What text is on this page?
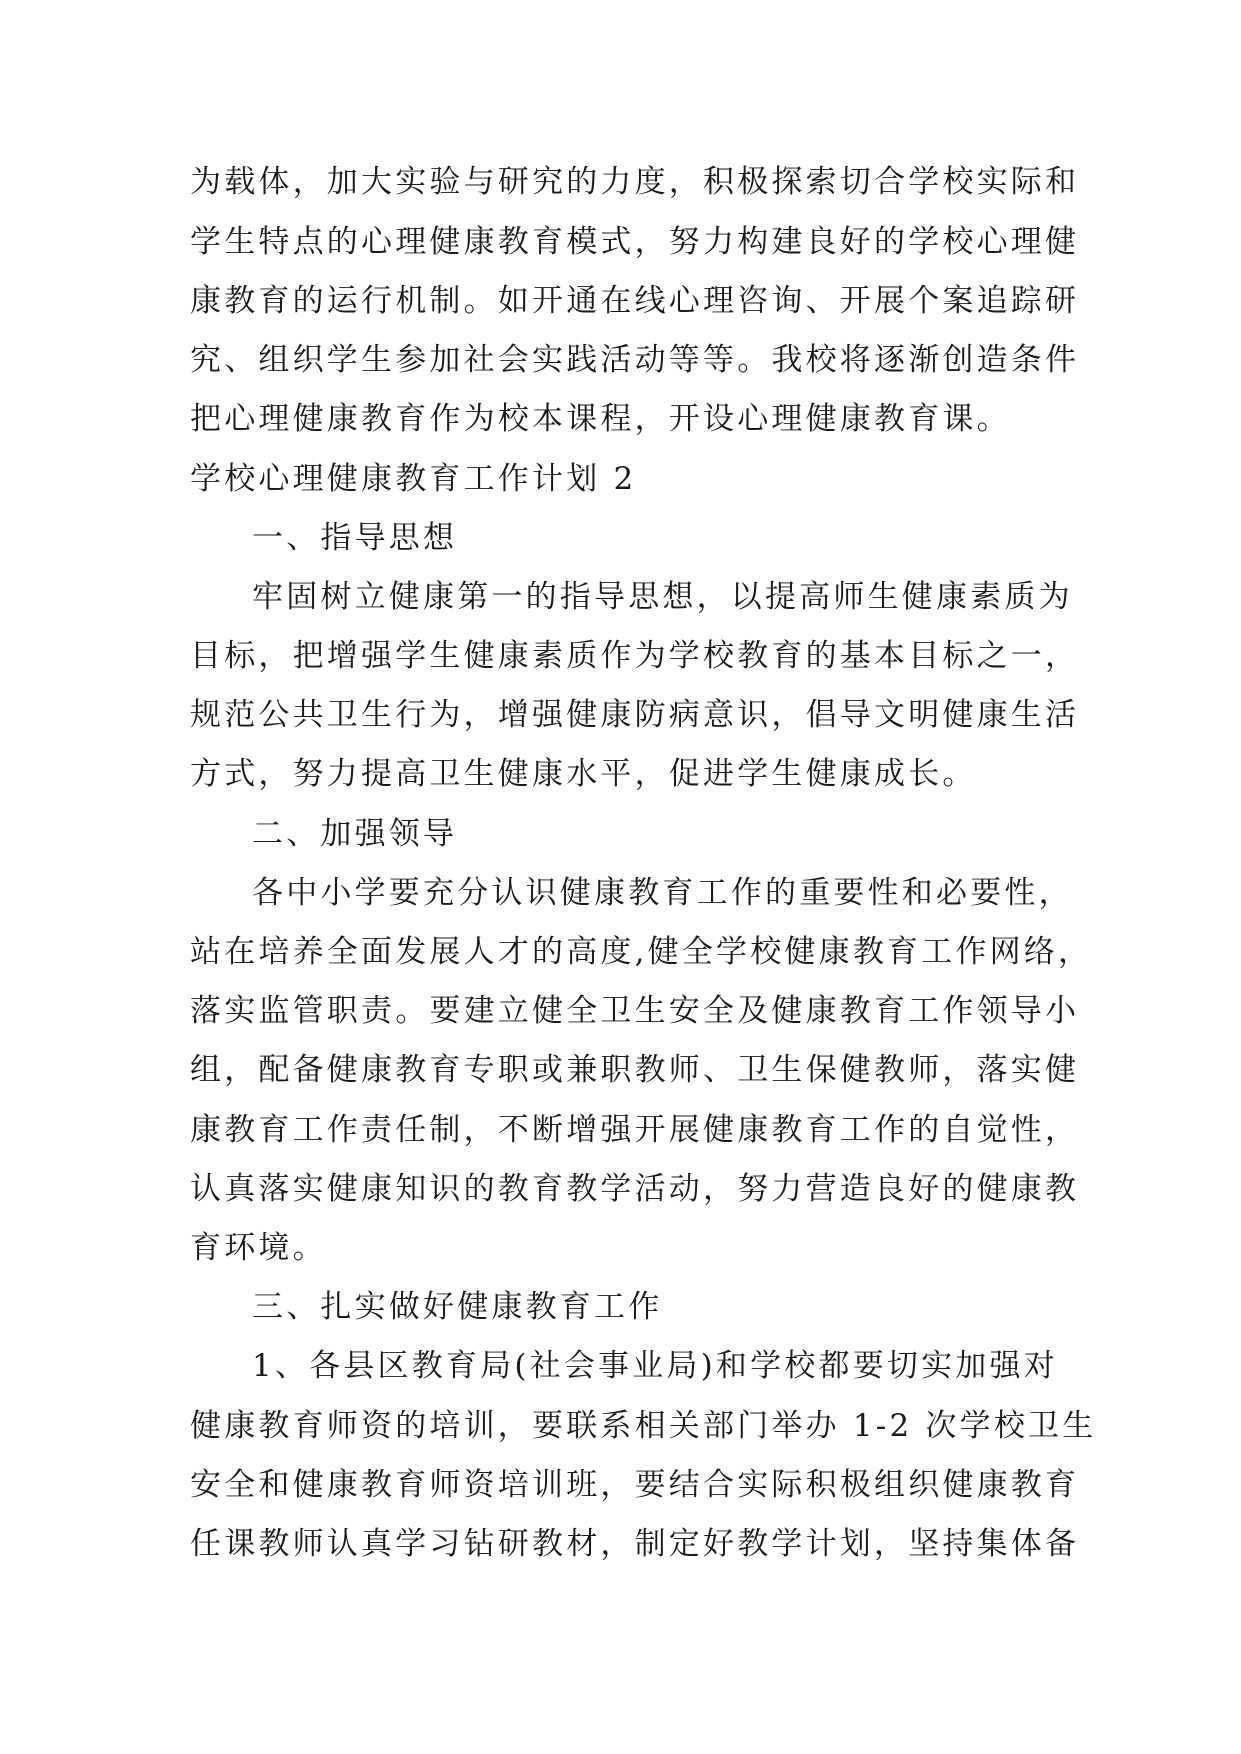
为载体，加大实验与研究的力度，积极探索切合学校实际和
学生特点的心理健康教育模式，努力构建良好的学校心理健
康教育的运行机制。如开通在线心理咨询、开展个案追踪研
究、组织学生参加社会实践活动等等。我校将逐渐创造条件
把心理健康教育作为校本课程，开设心理健康教育课。
学校心理健康教育工作计划 2
一、指导思想
牢固树立健康第一的指导思想，以提高师生健康素质为
目标，把增强学生健康素质作为学校教育的基本目标之一，
规范公共卫生行为，增强健康防病意识，倡导文明健康生活
方式，努力提高卫生健康水平，促进学生健康成长。
二、加强领导
各中小学要充分认识健康教育工作的重要性和必要性，
站在培养全面发展人才的高度,健全学校健康教育工作网络，
落实监管职责。要建立健全卫生安全及健康教育工作领导小
组，配备健康教育专职或兼职教师、卫生保健教师，落实健
康教育工作责任制，不断增强开展健康教育工作的自觉性，
认真落实健康知识的教育教学活动，努力营造良好的健康教
育环境。
三、扎实做好健康教育工作
1、各县区教育局(社会事业局)和学校都要切实加强对
健康教育师资的培训，要联系相关部门举办 1-2 次学校卫生
安全和健康教育师资培训班，要结合实际积极组织健康教育
任课教师认真学习钻研教材，制定好教学计划，坚持集体备
